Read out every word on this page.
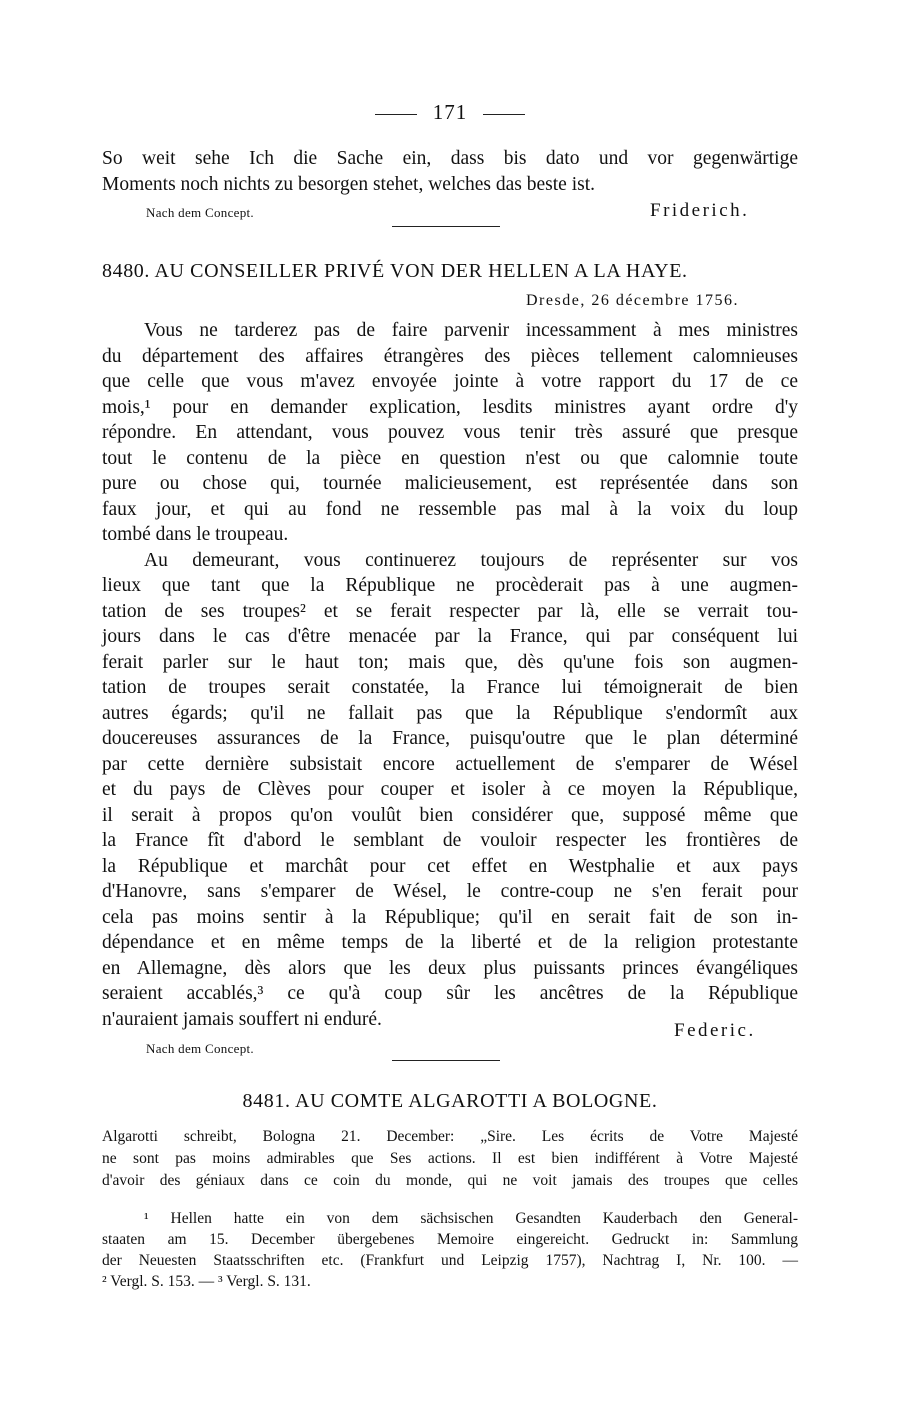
171
So weit sehe Ich die Sache ein, dass bis dato und vor gegenwärtige
Moments noch nichts zu besorgen stehet, welches das beste ist.
Nach dem Concept.	Friderich.
8480. AU CONSEILLER PRIVÉ VON DER HELLEN A LA HAYE.
Dresde, 26 décembre 1756.
Vous ne tarderez pas de faire parvenir incessamment à mes ministres
du département des affaires étrangères des pièces tellement calomnieuses
que celle que vous m'avez envoyée jointe à votre rapport du 17 de ce
mois,¹ pour en demander explication, lesdits ministres ayant ordre d'y
répondre. En attendant, vous pouvez vous tenir très assuré que presque
tout le contenu de la pièce en question n'est ou que calomnie toute
pure ou chose qui, tournée malicieusement, est représentée dans son
faux jour, et qui au fond ne ressemble pas mal à la voix du loup
tombé dans le troupeau.
Au demeurant, vous continuerez toujours de représenter sur vos
lieux que tant que la République ne procèderait pas à une augmen-
tation de ses troupes² et se ferait respecter par là, elle se verrait tou-
jours dans le cas d'être menacée par la France, qui par conséquent lui
ferait parler sur le haut ton; mais que, dès qu'une fois son augmen-
tation de troupes serait constatée, la France lui témoignerait de bien
autres égards; qu'il ne fallait pas que la République s'endormît aux
doucereuses assurances de la France, puisqu'outre que le plan déterminé
par cette dernière subsistait encore actuellement de s'emparer de Wésel
et du pays de Clèves pour couper et isoler à ce moyen la République,
il serait à propos qu'on voulût bien considérer que, supposé même que
la France fît d'abord le semblant de vouloir respecter les frontières de
la République et marchât pour cet effet en Westphalie et aux pays
d'Hanovre, sans s'emparer de Wésel, le contre-coup ne s'en ferait pour
cela pas moins sentir à la République; qu'il en serait fait de son in-
dépendance et en même temps de la liberté et de la religion protestante
en Allemagne, dès alors que les deux plus puissants princes évangéliques
seraient accablés,³ ce qu'à coup sûr les ancêtres de la République
n'auraient jamais souffert ni enduré.
Federic.
Nach dem Concept.
8481. AU COMTE ALGAROTTI A BOLOGNE.
Algarotti schreibt, Bologna 21. December: „Sire. Les écrits de Votre Majesté
ne sont pas moins admirables que Ses actions. Il est bien indifférent à Votre Majesté
d'avoir des géniaux dans ce coin du monde, qui ne voit jamais des troupes que celles
¹ Hellen hatte ein von dem sächsischen Gesandten Kauderbach den General-
staaten am 15. December übergebenes Memoire eingereicht. Gedruckt in: Sammlung
der Neuesten Staatsschriften etc. (Frankfurt und Leipzig 1757), Nachtrag I, Nr. 100. —
² Vergl. S. 153. — ³ Vergl. S. 131.
